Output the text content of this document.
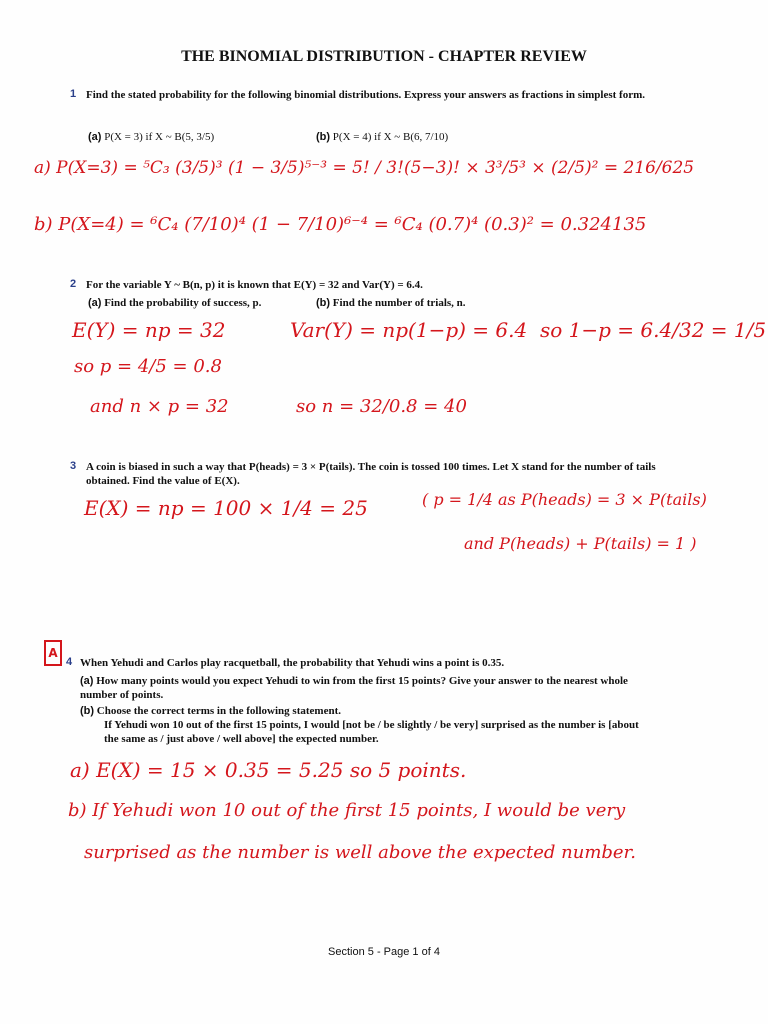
THE BINOMIAL DISTRIBUTION - CHAPTER REVIEW
1 Find the stated probability for the following binomial distributions. Express your answers as fractions in simplest form.
(a) P(X = 3) if X ~ B(5, 3/5)	(b) P(X = 4) if X ~ B(6, 7/10)
a) P(X=3) = ⁵C₃ (3/5)³ (1 − 3/5)⁵⁻³ = 5! / 3!(5−3)! × 3³/5³ × (2/5)² = 216/625
b) P(X=4) = ⁶C₄ (7/10)⁴ (1 − 7/10)⁶⁻⁴ = ⁶C₄ (0.7)⁴ (0.3)² = 0.324135
2 For the variable Y ~ B(n, p) it is known that E(Y) = 32 and Var(Y) = 6.4.
(a) Find the probability of success, p.	(b) Find the number of trials, n.
E(Y) = np = 32	Var(Y) = np(1−p) = 6.4 so 1−p = 6.4/32 = 1/5
so p = 4/5 = 0.8
and n × p = 32	so n = 32/0.8 = 40
3 A coin is biased in such a way that P(heads) = 3 × P(tails). The coin is tossed 100 times. Let X stand for the number of tails obtained. Find the value of E(X).
E(X) = np = 100 × 1/4 = 25	( p = 1/4 as P(heads) = 3 × P(tails)
and P(heads) + P(tails) = 1 )
A
4 When Yehudi and Carlos play racquetball, the probability that Yehudi wins a point is 0.35.
(a) How many points would you expect Yehudi to win from the first 15 points? Give your answer to the nearest whole number of points.
(b) Choose the correct terms in the following statement.
If Yehudi won 10 out of the first 15 points, I would [not be / be slightly / be very] surprised as the number is [about the same as / just above / well above] the expected number.
a) E(X) = 15 × 0.35 = 5.25 so 5 points.
b) If Yehudi won 10 out of the first 15 points, I would be very
surprised as the number is well above the expected number.
Section 5 - Page 1 of 4
